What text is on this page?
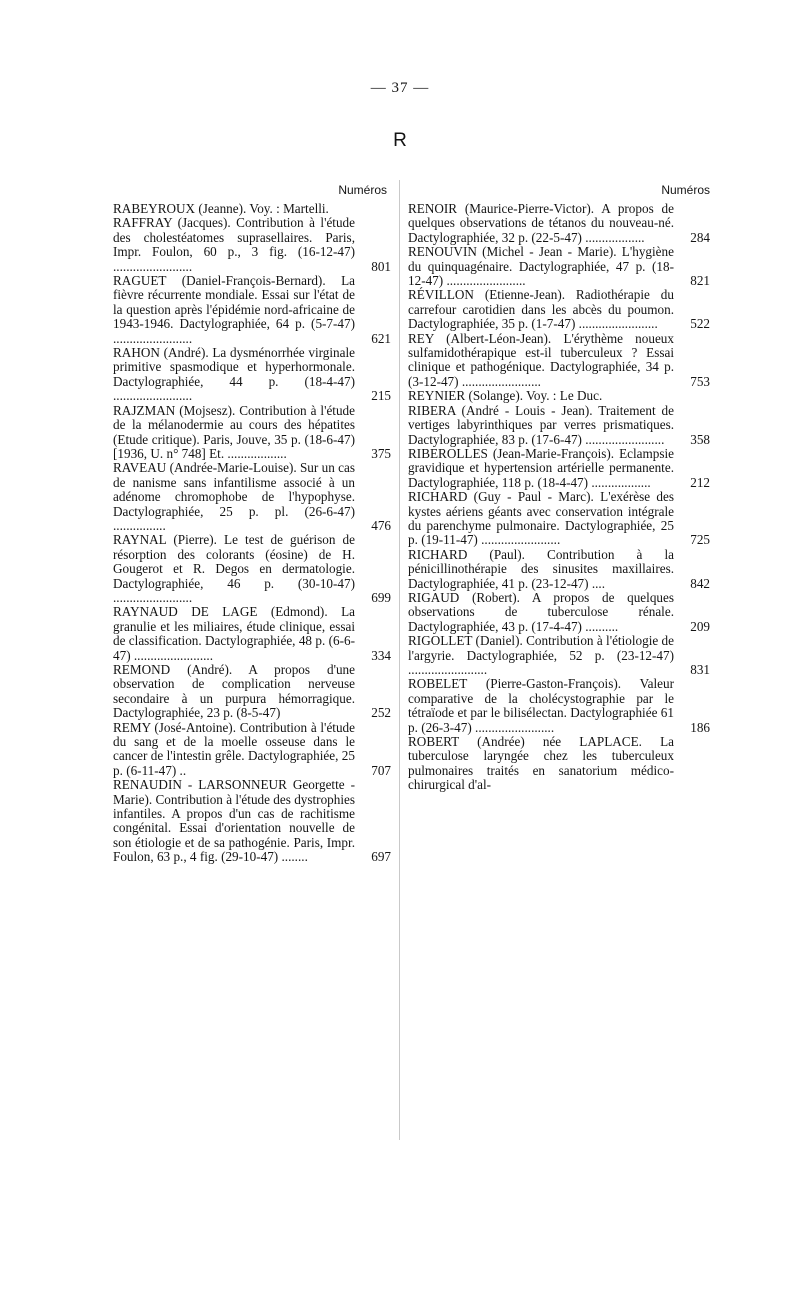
— 37 —
R
Numéros
RABEYROUX (Jeanne). Voy. : Martelli.
RAFFRAY (Jacques). Contribution à l'étude des cholestéatomes suprasellaires. Paris, Impr. Foulon, 60 p., 3 fig. (16-12-47) ........................	801
RAGUET (Daniel-François-Bernard). La fièvre récurrente mondiale. Essai sur l'état de la question après l'épidémie nord-africaine de 1943-1946. Dactylographiée, 64 p. (5-7-47) ........................	621
RAHON (André). La dysménorrhée virginale primitive spasmodique et hyperhormonale. Dactylographiée, 44 p. (18-4-47) ........................	215
RAJZMAN (Mojsesz). Contribution à l'étude de la mélanodermie au cours des hépatites (Etude critique). Paris, Jouve, 35 p. (18-6-47) [1936, U. n° 748] Et. ..................	375
RAVEAU (Andrée-Marie-Louise). Sur un cas de nanisme sans infantilisme associé à un adénome chromophobe de l'hypophyse. Dactylographiée, 25 p. pl. (26-6-47) ................	476
RAYNAL (Pierre). Le test de guérison de résorption des colorants (éosine) de H. Gougerot et R. Degos en dermatologie. Dactylographiée, 46 p. (30-10-47) ........................	699
RAYNAUD DE LAGE (Edmond). La granulie et les miliaires, étude clinique, essai de classification. Dactylographiée, 48 p. (6-6-47) ........................	334
REMOND (André). A propos d'une observation de complication nerveuse secondaire à un purpura hémorragique. Dactylographiée, 23 p. (8-5-47)	252
REMY (José-Antoine). Contribution à l'étude du sang et de la moelle osseuse dans le cancer de l'intestin grêle. Dactylographiée, 25 p. (6-11-47) ..	707
RENAUDIN - LARSONNEUR Georgette - Marie). Contribution à l'étude des dystrophies infantiles. A propos d'un cas de rachitisme congénital. Essai d'orientation nouvelle de son étiologie et de sa pathogénie. Paris, Impr. Foulon, 63 p., 4 fig. (29-10-47) ........	697
Numéros
RENOIR (Maurice-Pierre-Victor). A propos de quelques observations de tétanos du nouveau-né. Dactylographiée, 32 p. (22-5-47) ..................	284
RENOUVIN (Michel - Jean - Marie). L'hygiène du quinquagénaire. Dactylographiée, 47 p. (18-12-47) ........................	821
RÉVILLON (Etienne-Jean). Radiothérapie du carrefour carotidien dans les abcès du poumon. Dactylographiée, 35 p. (1-7-47) ........................	522
REY (Albert-Léon-Jean). L'érythème noueux sulfamidothérapique est-il tuberculeux ? Essai clinique et pathogénique. Dactylographiée, 34 p. (3-12-47) ........................	753
REYNIER (Solange). Voy. : Le Duc.
RIBERA (André - Louis - Jean). Traitement de vertiges labyrinthiques par verres prismatiques. Dactylographiée, 83 p. (17-6-47) ........................	358
RIBEROLLES (Jean-Marie-François). Eclampsie gravidique et hypertension artérielle permanente. Dactylographiée, 118 p. (18-4-47) ..................	212
RICHARD (Guy - Paul - Marc). L'exérèse des kystes aériens géants avec conservation intégrale du parenchyme pulmonaire. Dactylographiée, 25 p. (19-11-47) ........................	725
RICHARD (Paul). Contribution à la pénicillinothérapie des sinusites maxillaires. Dactylographiée, 41 p. (23-12-47) ....	842
RIGAUD (Robert). A propos de quelques observations de tuberculose rénale. Dactylographiée, 43 p. (17-4-47) ..........	209
RIGOLLET (Daniel). Contribution à l'étiologie de l'argyrie. Dactylographiée, 52 p. (23-12-47) ........................	831
ROBELET (Pierre-Gaston-François). Valeur comparative de la cholécystographie par le tétraïode et par le bilisélectan. Dactylographiée 61 p. (26-3-47) ........................	186
ROBERT (Andrée) née LAPLACE. La tuberculose laryngée chez les tuberculeux pulmonaires traités en sanatorium médico-chirurgical d'al-
